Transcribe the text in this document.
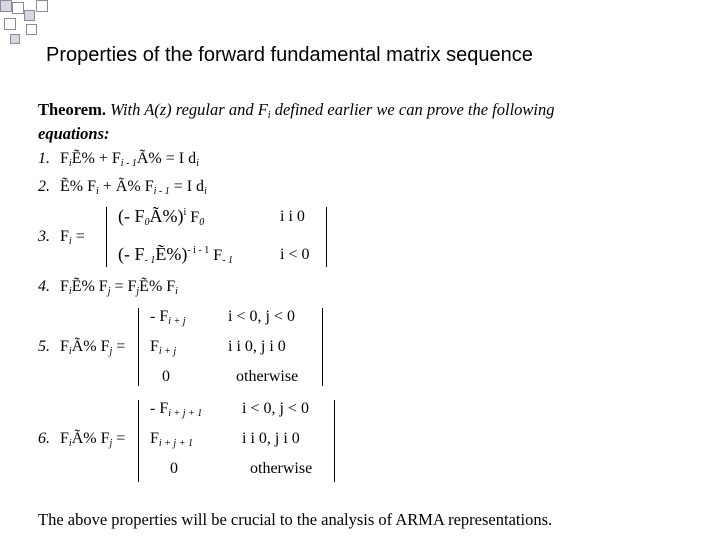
Properties of the forward fundamental matrix sequence
Theorem. With A(z) regular and $F_i$ defined earlier we can prove the following
equations:
1. $F_iẼ\%$ + $F_{i - 1}Ã\% = I$ $d_i$
2. Ẽ% $F_i$ + Ã% $F_{i - 1} = I$ $d_i$
3. $F_i$ =
(- $F_0Ã\%)^i$ $F_0$	i i 0
(- $F_{- 1}Ẽ\%)^{- i - 1}$ $F_{- 1}$	i < 0
4. $F_iẼ\%$ $F_j$ = $F_jẼ\%$ $F_i$
5. $F_iÃ\%$ $F_j$ =
- $F_{i + j}$	i < 0, j < 0
$F_{i + j}$	i i 0, j i 0
0	otherwise
6. $F_iÃ\%$ $F_j$ =
- $F_{i + j + 1}$ i < 0, j < 0
$F_{i + j + 1}$	i i 0, j i 0
0	otherwise
The above properties will be crucial to the analysis of ARMA representations.
